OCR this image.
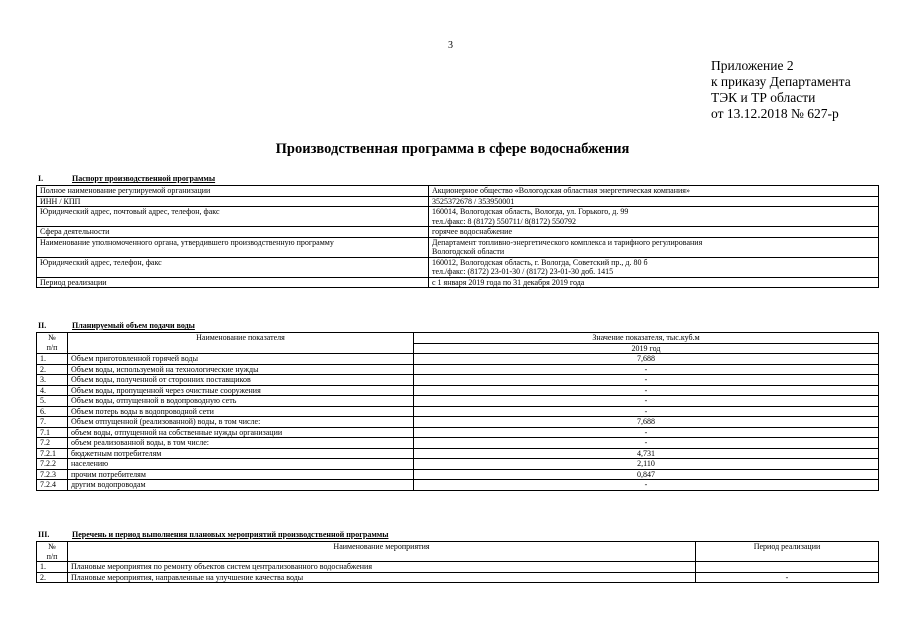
3
Приложение 2
к приказу Департамента
ТЭК и ТР области
от 13.12.2018 № 627-р
Производственная программа в сфере водоснабжения
I.	Паспорт производственной программы
Полное наименование регулируемой организации	Акционерное общество «Вологодская областная энергетическая компания»
ИНН / КПП	3525372678 / 353950001
Юридический адрес, почтовый адрес, телефон, факс	160014, Вологодская область, Вологда, ул. Горького, д. 99
тел./факс: 8 (8172) 550711/ 8(8172) 550792

Сфера деятельности	горячее водоснабжение
Наименование уполномоченного органа, утвердившего производственную программу	Департамент топливно-энергетического комплекса и тарифного регулирования
Вологодской области

Юридический адрес, телефон, факс	160012, Вологодская область, г. Вологда, Советский пр., д. 80 б
тел./факс: (8172) 23-01-30 / (8172) 23-01-30 доб. 1415

Период реализации	с 1 января 2019 года по 31 декабря 2019 года
II.	Планируемый объем подачи воды
№
п/п	Наименование показателя	Значение показателя, тыс.куб.м
		2019 год
1.	Объем приготовленной горячей воды	7,688
2.	Объем воды, используемой на технологические нужды	-
3.	Объем воды, полученной от сторонних поставщиков	-
4.	Объем воды, пропущенной через очистные сооружения	-
5.	Объем воды, отпущенной в водопроводную сеть	-
6.	Объем потерь воды в водопроводной сети	-
7.	Объем отпущенной (реализованной) воды, в том числе:	7,688
7.1	объем воды, отпущенной на собственные нужды организации	-
7.2	объем реализованной воды, в том числе:	-
7.2.1	бюджетным потребителям	4,731
7.2.2	населению	2,110
7.2.3	прочим потребителям	0,847
7.2.4	другим водопроводам	-
III.	Перечень и период выполнения плановых мероприятий производственной программы
№
п/п	Наименование мероприятия	Период реализации
1.	Плановые мероприятия по ремонту объектов систем централизованного водоснабжения	
2.	Плановые мероприятия, направленные на улучшение качества воды	-
